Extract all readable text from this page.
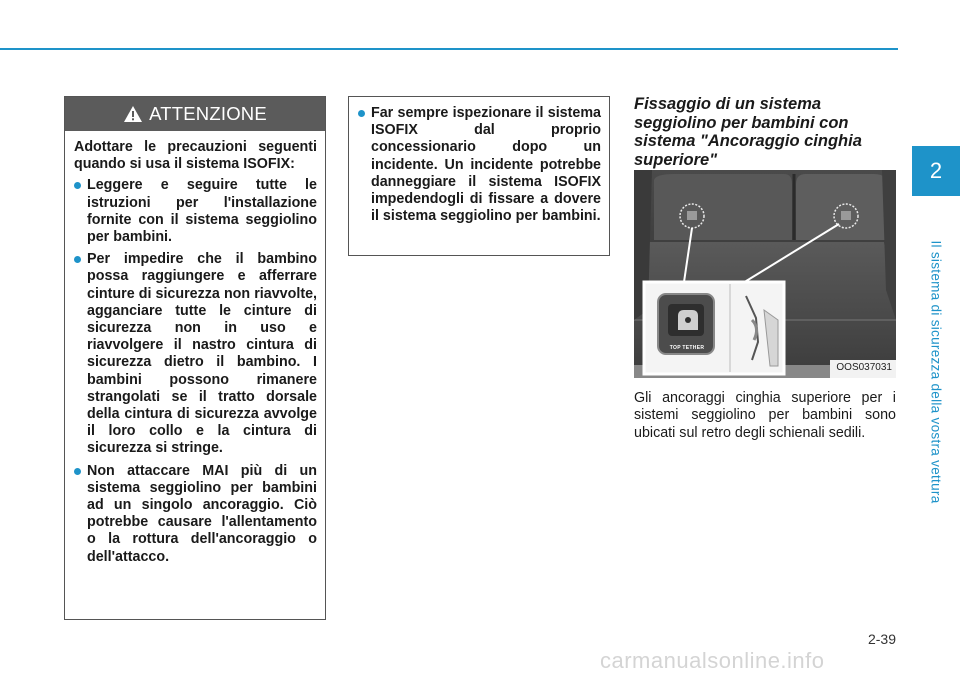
2
Il sistema di sicurezza della vostra vettura
ATTENZIONE

Adottare le precauzioni seguenti quando si usa il sistema ISOFIX:

Leggere e seguire tutte le istruzioni per l'installazione fornite con il sistema seggiolino per bambini.
Per impedire che il bambino possa raggiungere e afferrare cinture di sicurezza non riavvolte, agganciare tutte le cinture di sicurezza non in uso e riavvolgere il nastro cintura di sicurezza dietro il bambino. I bambini possono rimanere strangolati se il tratto dorsale della cintura di sicurezza avvolge il loro collo e la cintura di sicurezza si stringe.
Non attaccare MAI più di un sistema seggiolino per bambini ad un singolo ancoraggio. Ciò potrebbe causare l'allentamento o la rottura dell'ancoraggio o dell'attacco.
Far sempre ispezionare il sistema ISOFIX dal proprio concessionario dopo un incidente. Un incidente potrebbe danneggiare il sistema ISOFIX impedendogli di fissare a dovere il sistema seggiolino per bambini.
Fissaggio di un sistema seggiolino per bambini con sistema "Ancoraggio cinghia superiore"
TOP TETHER
OOS037031
Gli ancoraggi cinghia superiore per i sistemi seggiolino per bambini sono ubicati sul retro degli schienali sedili.
2-39
carmanualsonline.info
